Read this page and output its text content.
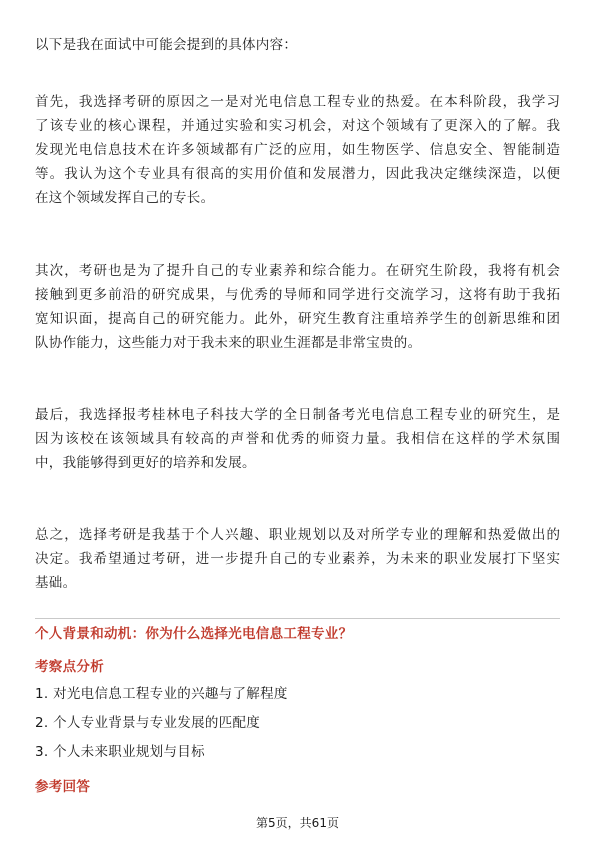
以下是我在面试中可能会提到的具体内容：
首先，我选择考研的原因之一是对光电信息工程专业的热爱。在本科阶段，我学习
了该专业的核心课程，并通过实验和实习机会，对这个领域有了更深入的了解。我
发现光电信息技术在许多领域都有广泛的应用，如生物医学、信息安全、智能制造
等。我认为这个专业具有很高的实用价值和发展潜力，因此我决定继续深造，以便
在这个领域发挥自己的专长。
其次，考研也是为了提升自己的专业素养和综合能力。在研究生阶段，我将有机会
接触到更多前沿的研究成果，与优秀的导师和同学进行交流学习，这将有助于我拓
宽知识面，提高自己的研究能力。此外，研究生教育注重培养学生的创新思维和团
队协作能力，这些能力对于我未来的职业生涯都是非常宝贵的。
最后，我选择报考桂林电子科技大学的全日制备考光电信息工程专业的研究生，是
因为该校在该领域具有较高的声誉和优秀的师资力量。我相信在这样的学术氛围
中，我能够得到更好的培养和发展。
总之，选择考研是我基于个人兴趣、职业规划以及对所学专业的理解和热爱做出的
决定。我希望通过考研，进一步提升自己的专业素养，为未来的职业发展打下坚实
基础。
个人背景和动机：你为什么选择光电信息工程专业？
考察点分析
1. 对光电信息工程专业的兴趣与了解程度
2. 个人专业背景与专业发展的匹配度
3. 个人未来职业规划与目标
参考回答
第5页，共61页
